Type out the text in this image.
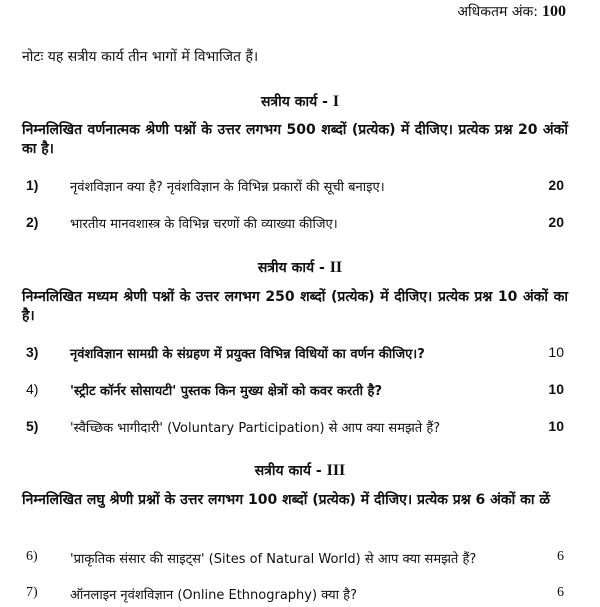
अधिकतम अंक: 100
नोटः यह सत्रीय कार्य तीन भागों में विभाजित हैं।
सत्रीय कार्य - I
निम्नलिखित वर्णनात्मक श्रेणी पश्नों के उत्तर लगभग 500 शब्दों (प्रत्येक) में दीजिए। प्रत्येक प्रश्न 20 अंकों का है।
1) नृवंशविज्ञान क्या है? नृवंशविज्ञान के विभिन्न प्रकारों की सूची बनाइए।	20
2) भारतीय मानवशास्त्र के विभिन्न चरणों की व्याख्या कीजिए।	20
सत्रीय कार्य - II
निम्नलिखित मध्यम श्रेणी पश्नों के उत्तर लगभग 250 शब्दों (प्रत्येक) में दीजिए। प्रत्येक प्रश्न 10 अंकों का है।
3) नृवंशविज्ञान सामग्री के संग्रहण में प्रयुक्त विभिन्न विधियों का वर्णन कीजिए।?	10
4) 'स्ट्रीट कॉर्नर सोसायटी' पुस्तक किन मुख्य क्षेत्रों को कवर करती है?	10
5) 'स्वैच्छिक भागीदारी' (Voluntary Participation) से आप क्या समझते हैं?	10
सत्रीय कार्य - III
निम्नलिखित लघु श्रेणी प्रश्नों के उत्तर लगभग 100 शब्दों (प्रत्येक) में दीजिए। प्रत्येक प्रश्न 6 अंकों का ळें
6) 'प्राकृतिक संसार की साइट्स' (Sites of Natural World) से आप क्या समझते हैं?	6
7) ऑनलाइन नृवंशविज्ञान (Online Ethnography) क्या है?	6
